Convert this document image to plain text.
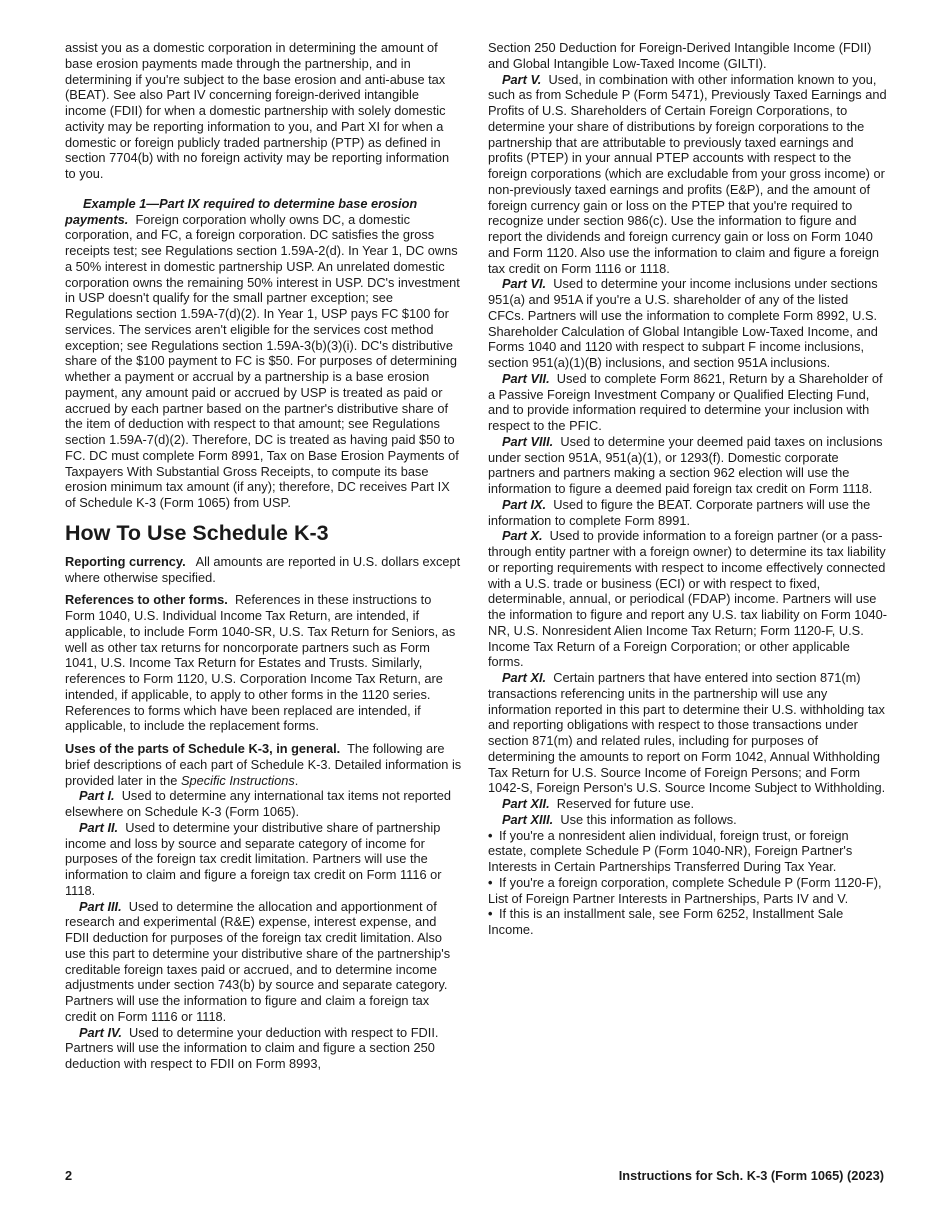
assist you as a domestic corporation in determining the amount of base erosion payments made through the partnership, and in determining if you're subject to the base erosion and anti-abuse tax (BEAT). See also Part IV concerning foreign-derived intangible income (FDII) for when a domestic partnership with solely domestic activity may be reporting information to you, and Part XI for when a domestic or foreign publicly traded partnership (PTP) as defined in section 7704(b) with no foreign activity may be reporting information to you.

Example 1—Part IX required to determine base erosion payments. Foreign corporation wholly owns DC, a domestic corporation, and FC, a foreign corporation. DC satisfies the gross receipts test; see Regulations section 1.59A-2(d). In Year 1, DC owns a 50% interest in domestic partnership USP. An unrelated domestic corporation owns the remaining 50% interest in USP. DC's investment in USP doesn't qualify for the small partner exception; see Regulations section 1.59A-7(d)(2). In Year 1, USP pays FC $100 for services. The services aren't eligible for the services cost method exception; see Regulations section 1.59A-3(b)(3)(i). DC's distributive share of the $100 payment to FC is $50. For purposes of determining whether a payment or accrual by a partnership is a base erosion payment, any amount paid or accrued by USP is treated as paid or accrued by each partner based on the partner's distributive share of the item of deduction with respect to that amount; see Regulations section 1.59A-7(d)(2). Therefore, DC is treated as having paid $50 to FC. DC must complete Form 8991, Tax on Base Erosion Payments of Taxpayers With Substantial Gross Receipts, to compute its base erosion minimum tax amount (if any); therefore, DC receives Part IX of Schedule K-3 (Form 1065) from USP.

How To Use Schedule K-3

Reporting currency. All amounts are reported in U.S. dollars except where otherwise specified.

References to other forms. References in these instructions to Form 1040, U.S. Individual Income Tax Return, are intended, if applicable, to include Form 1040-SR, U.S. Tax Return for Seniors, as well as other tax returns for noncorporate partners such as Form 1041, U.S. Income Tax Return for Estates and Trusts. Similarly, references to Form 1120, U.S. Corporation Income Tax Return, are intended, if applicable, to apply to other forms in the 1120 series. References to forms which have been replaced are intended, if applicable, to include the replacement forms.

Uses of the parts of Schedule K-3, in general. The following are brief descriptions of each part of Schedule K-3. Detailed information is provided later in the Specific Instructions.

Part I. Used to determine any international tax items not reported elsewhere on Schedule K-3 (Form 1065).

Part II. Used to determine your distributive share of partnership income and loss by source and separate category of income for purposes of the foreign tax credit limitation. Partners will use the information to claim and figure a foreign tax credit on Form 1116 or 1118.

Part III. Used to determine the allocation and apportionment of research and experimental (R&E) expense, interest expense, and FDII deduction for purposes of the foreign tax credit limitation. Also use this part to determine your distributive share of the partnership's creditable foreign taxes paid or accrued, and to determine income adjustments under section 743(b) by source and separate category. Partners will use the information to figure and claim a foreign tax credit on Form 1116 or 1118.

Part IV. Used to determine your deduction with respect to FDII. Partners will use the information to claim and figure a section 250 deduction with respect to FDII on Form 8993,

Section 250 Deduction for Foreign-Derived Intangible Income (FDII) and Global Intangible Low-Taxed Income (GILTI).

Part V. Used, in combination with other information known to you, such as from Schedule P (Form 5471), Previously Taxed Earnings and Profits of U.S. Shareholders of Certain Foreign Corporations, to determine your share of distributions by foreign corporations to the partnership that are attributable to previously taxed earnings and profits (PTEP) in your annual PTEP accounts with respect to the foreign corporations (which are excludable from your gross income) or non-previously taxed earnings and profits (E&P), and the amount of foreign currency gain or loss on the PTEP that you're required to recognize under section 986(c). Use the information to figure and report the dividends and foreign currency gain or loss on Form 1040 and Form 1120. Also use the information to claim and figure a foreign tax credit on Form 1116 or 1118.

Part VI. Used to determine your income inclusions under sections 951(a) and 951A if you're a U.S. shareholder of any of the listed CFCs. Partners will use the information to complete Form 8992, U.S. Shareholder Calculation of Global Intangible Low-Taxed Income, and Forms 1040 and 1120 with respect to subpart F income inclusions, section 951(a)(1)(B) inclusions, and section 951A inclusions.

Part VII. Used to complete Form 8621, Return by a Shareholder of a Passive Foreign Investment Company or Qualified Electing Fund, and to provide information required to determine your inclusion with respect to the PFIC.

Part VIII. Used to determine your deemed paid taxes on inclusions under section 951A, 951(a)(1), or 1293(f). Domestic corporate partners and partners making a section 962 election will use the information to figure a deemed paid foreign tax credit on Form 1118.

Part IX. Used to figure the BEAT. Corporate partners will use the information to complete Form 8991.

Part X. Used to provide information to a foreign partner (or a pass-through entity partner with a foreign owner) to determine its tax liability or reporting requirements with respect to income effectively connected with a U.S. trade or business (ECI) or with respect to fixed, determinable, annual, or periodical (FDAP) income. Partners will use the information to figure and report any U.S. tax liability on Form 1040-NR, U.S. Nonresident Alien Income Tax Return; Form 1120-F, U.S. Income Tax Return of a Foreign Corporation; or other applicable forms.

Part XI. Certain partners that have entered into section 871(m) transactions referencing units in the partnership will use any information reported in this part to determine their U.S. withholding tax and reporting obligations with respect to those transactions under section 871(m) and related rules, including for purposes of determining the amounts to report on Form 1042, Annual Withholding Tax Return for U.S. Source Income of Foreign Persons; and Form 1042-S, Foreign Person's U.S. Source Income Subject to Withholding.

Part XII. Reserved for future use.

Part XIII. Use this information as follows.

• If you're a nonresident alien individual, foreign trust, or foreign estate, complete Schedule P (Form 1040-NR), Foreign Partner's Interests in Certain Partnerships Transferred During Tax Year.

• If you're a foreign corporation, complete Schedule P (Form 1120-F), List of Foreign Partner Interests in Partnerships, Parts IV and V.

• If this is an installment sale, see Form 6252, Installment Sale Income.

2	Instructions for Sch. K-3 (Form 1065) (2023)
